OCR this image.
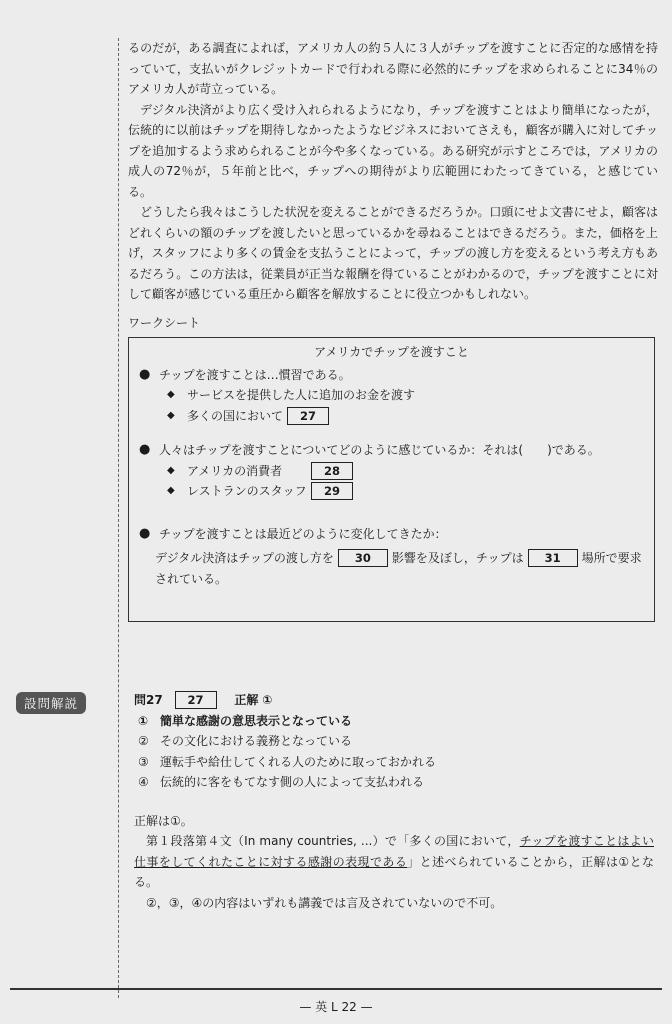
るのだが，ある調査によれば，アメリカ人の約５人に３人がチップを渡すことに否定的な感情を持っていて，支払いがクレジットカードで行われる際に必然的にチップを求められることに34％のアメリカ人が苛立っている。

デジタル決済がより広く受け入れられるようになり，チップを渡すことはより簡単になったが，伝統的に以前はチップを期待しなかったようなビジネスにおいてさえも，顧客が購入に対してチップを追加するよう求められることが今や多くなっている。ある研究が示すところでは，アメリカの成人の72％が，５年前と比べ，チップへの期待がより広範囲にわたってきている，と感じている。

どうしたら我々はこうした状況を変えることができるだろうか。口頭にせよ文書にせよ，顧客はどれくらいの額のチップを渡したいと思っているかを尋ねることはできるだろう。また，価格を上げ，スタッフにより多くの賃金を支払うことによって，チップの渡し方を変えるという考え方もあるだろう。この方法は，従業員が正当な報酬を得ていることがわかるので，チップを渡すことに対して顧客が感じている重圧から顧客を解放することに役立つかもしれない。

ワークシート
アメリカでチップを渡すこと
● チップを渡すことは…慣習である。
◆ サービスを提供した人に追加のお金を渡す
◆ 多くの国において 27
● 人々はチップを渡すことについてどのように感じているか：それは(　　)である。
◆ アメリカの消費者	28
◆ レストランのスタッフ 29
● チップを渡すことは最近どのように変化してきたか：
デジタル決済はチップの渡し方を 30 影響を及ぼし，チップは 31 場所で要求されている。
設問解説	問27 27	正解 ①
① 簡単な感謝の意思表示となっている
② その文化における義務となっている
③ 運転手や給仕してくれる人のために取っておかれる
④ 伝統的に客をもてなす側の人によって支払われる
正解は①。

第１段落第４文（In many countries, ...）で「多くの国において，チップを渡すことはよい仕事をしてくれたことに対する感謝の表現である」と述べられていることから，正解は①となる。

②，③，④の内容はいずれも講義では言及されていないので不可。

— 英 L 22 —
